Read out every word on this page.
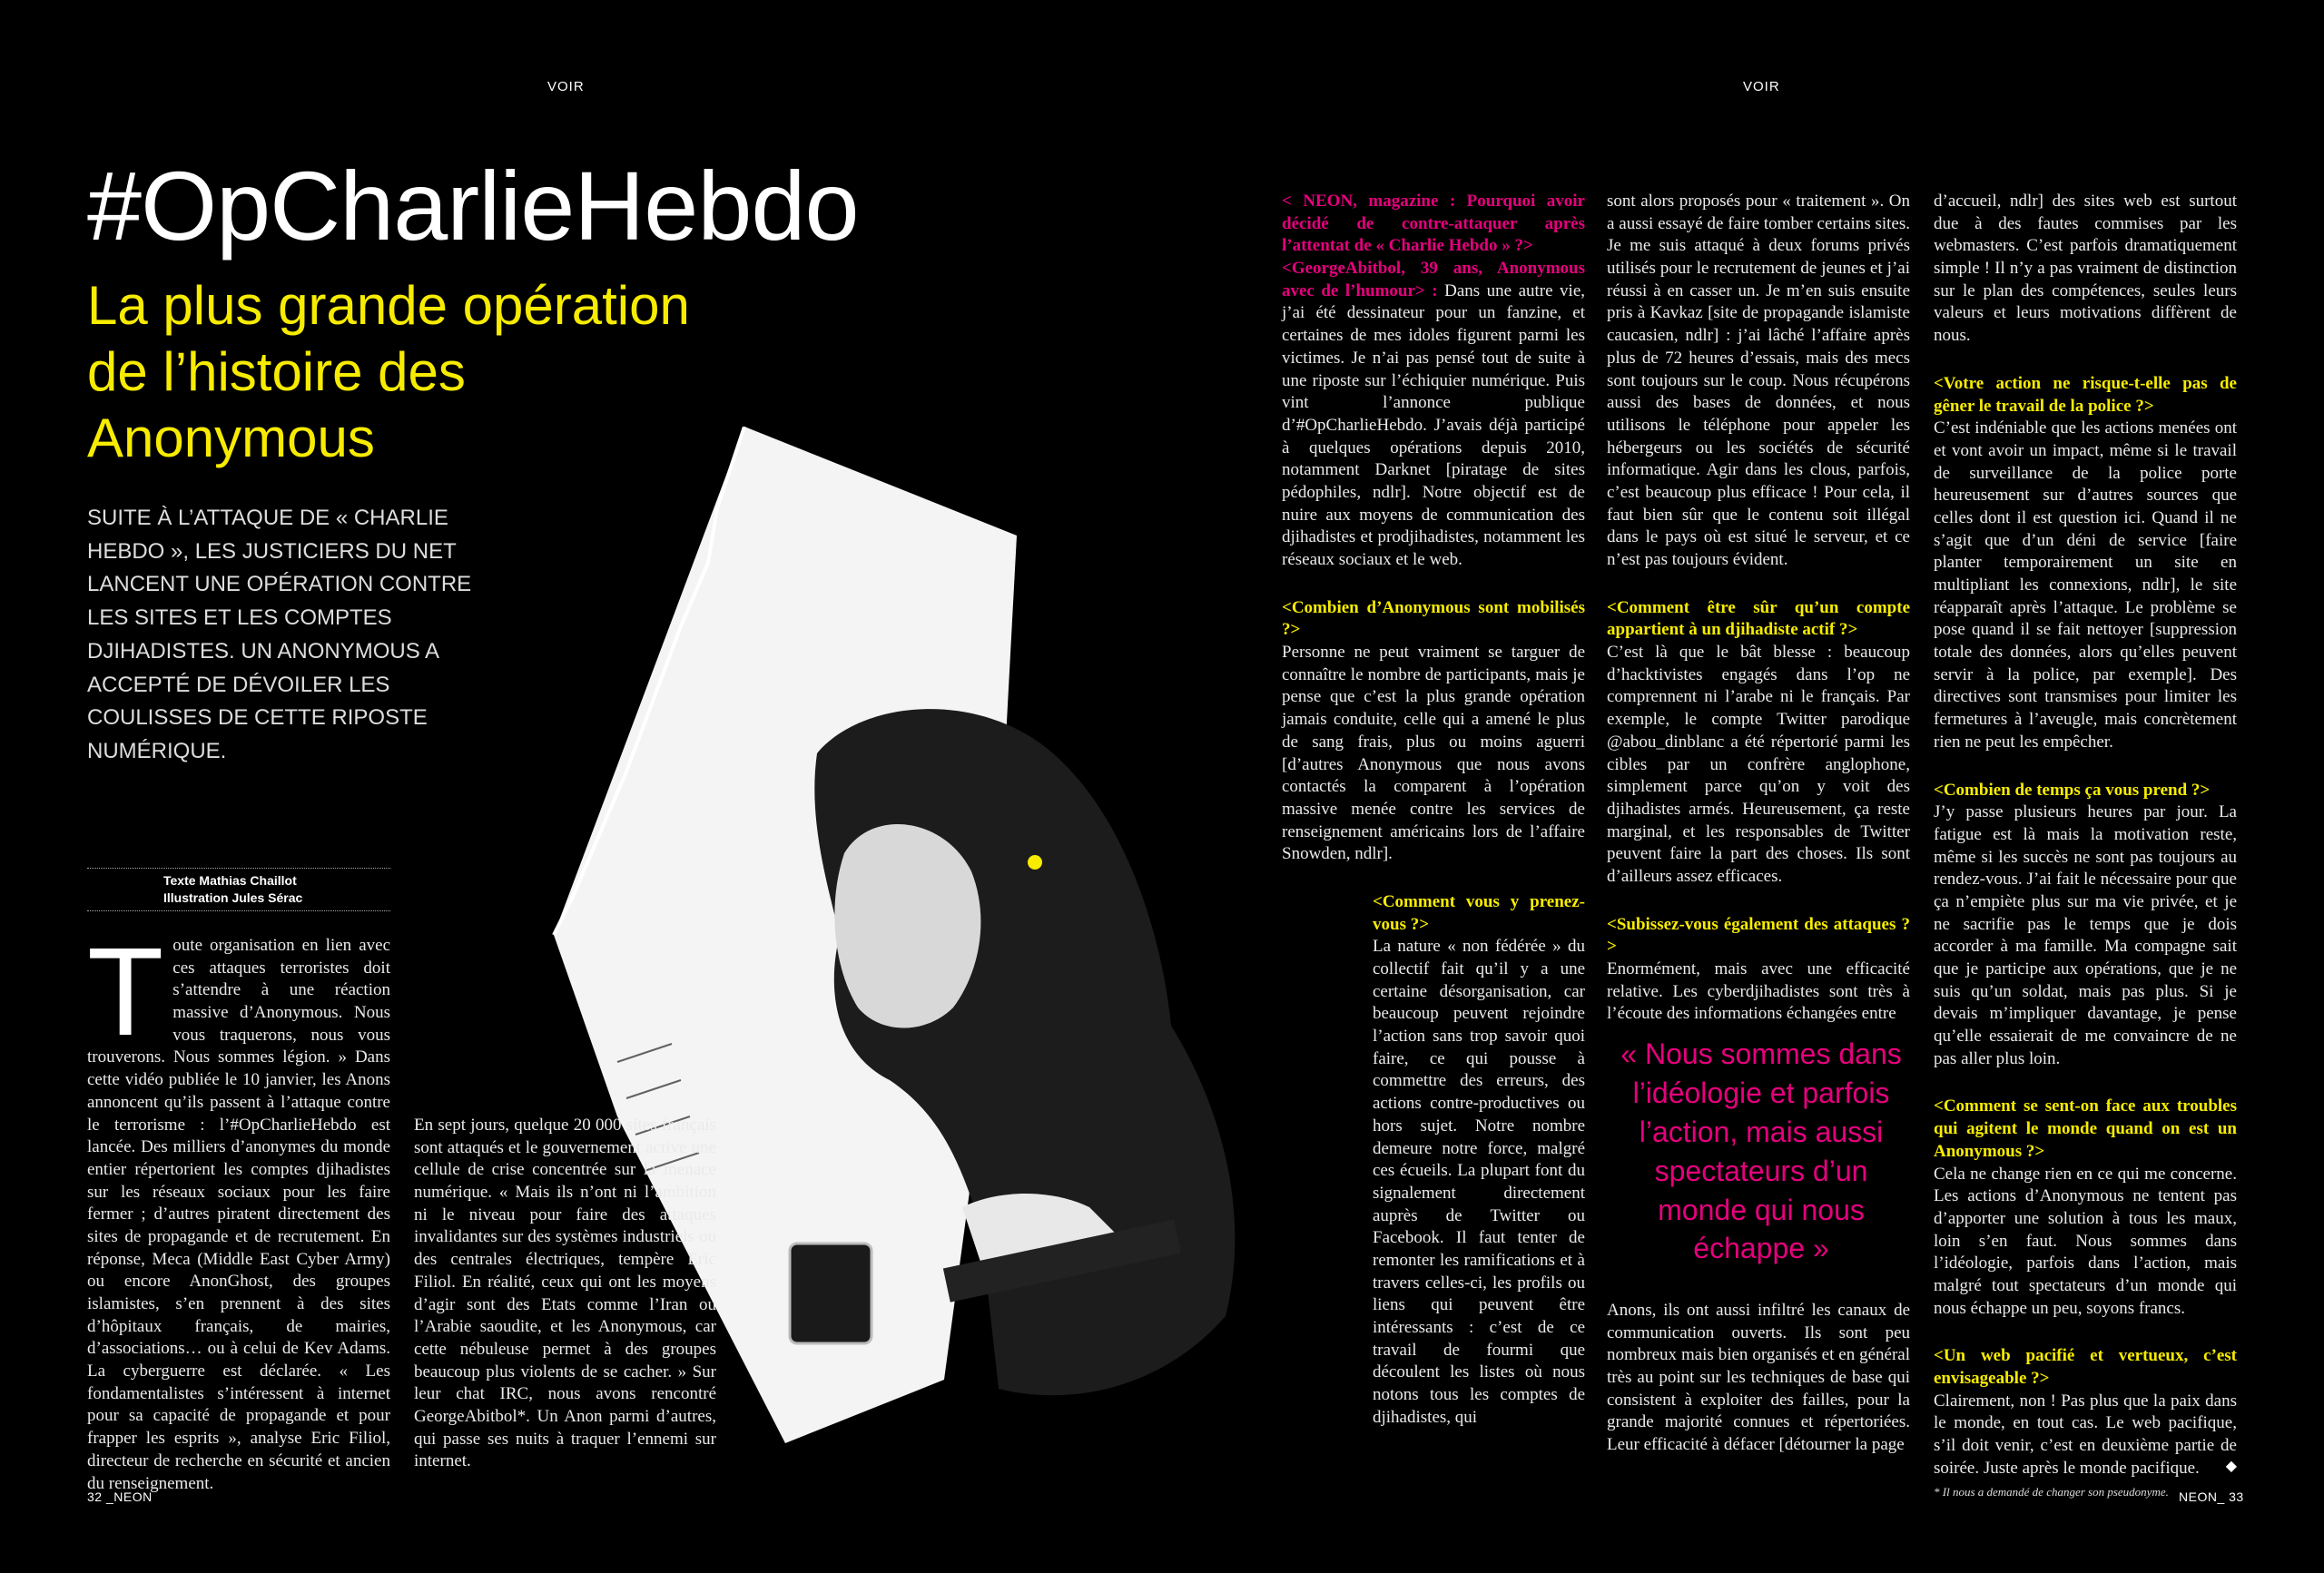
VOIR	VOIR
#OpCharlieHebdo
La plus grande opération de l’histoire des Anonymous
SUITE À L’ATTAQUE DE « CHARLIE HEBDO », LES JUSTICIERS DU NET LANCENT UNE OPÉRATION CONTRE LES SITES ET LES COMPTES DJIHADISTES. UN ANONYMOUS A ACCEPTÉ DE DÉVOILER LES COULISSES DE CETTE RIPOSTE NUMÉRIQUE.
Texte Mathias Chaillot
Illustration Jules Sérac
T oute organisation en lien avec ces attaques terroristes doit s’attendre à une réaction massive d’Anonymous. Nous vous traquerons, nous vous trouverons. Nous sommes légion. » Dans cette vidéo publiée le 10 janvier, les Anons annoncent qu’ils passent à l’attaque contre le terrorisme : l’#OpCharlieHebdo est lancée. Des milliers d’anonymes du monde entier répertorient les comptes djihadistes sur les réseaux sociaux pour les faire fermer ; d’autres piratent directement des sites de propagande et de recrutement. En réponse, Meca (Middle East Cyber Army) ou encore AnonGhost, des groupes islamistes, s’en prennent à des sites d’hôpitaux français, de mairies, d’associations… ou à celui de Kev Adams. La cyberguerre est déclarée. « Les fondamentalistes s’intéressent à internet pour sa capacité de propagande et pour frapper les esprits », analyse Eric Filiol, directeur de recherche en sécurité et ancien du renseignement.
En sept jours, quelque 20 000 sites français sont attaqués et le gouvernement active une cellule de crise concentrée sur la menace numérique. « Mais ils n’ont ni l’ambition ni le niveau pour faire des attaques invalidantes sur des systèmes industriels ou des centrales électriques, tempère Eric Filiol. En réalité, ceux qui ont les moyens d’agir sont des Etats comme l’Iran ou l’Arabie saoudite, et les Anonymous, car cette nébuleuse permet à des groupes beaucoup plus violents de se cacher. » Sur leur chat IRC, nous avons rencontré GeorgeAbitbol*. Un Anon parmi d’autres, qui passe ses nuits à traquer l’ennemi sur internet.

< NEON, magazine : Pourquoi avoir décidé de contre-attaquer après l’attentat de « Charlie Hebdo » ?>
<GeorgeAbitbol, 39 ans, Anonymous avec de l’humour> : Dans une autre vie, j’ai été dessinateur pour un fanzine, et certaines de mes idoles figurent parmi les victimes. Je n’ai pas pensé tout de suite à une riposte sur l’échiquier numérique. Puis vint l’annonce publique d’#OpCharlieHebdo. J’avais déjà participé à quelques opérations depuis 2010, notamment Darknet [piratage de sites pédophiles, ndlr]. Notre objectif est de nuire aux moyens de communication des djihadistes et prodjihadistes, notamment les réseaux sociaux et le web.

<Combien d’Anonymous sont mobilisés ?>
Personne ne peut vraiment se targuer de connaître le nombre de participants, mais je pense que c’est la plus grande opération jamais conduite, celle qui a amené le plus de sang frais, plus ou moins aguerri [d’autres Anonymous que nous avons contactés la comparent à l’opération massive menée contre les services de renseignement américains lors de l’affaire Snowden, ndlr].

<Comment vous y prenez-vous ?>
La nature « non fédérée » du collectif fait qu’il y a une certaine désorganisation, car beaucoup peuvent rejoindre l’action sans trop savoir quoi faire, ce qui pousse à commettre des erreurs, des actions contre-productives ou hors sujet. Notre nombre demeure notre force, malgré ces écueils. La plupart font du signalement directement auprès de Twitter ou Facebook. Il faut tenter de remonter les ramifications et à travers celles-ci, les profils ou liens qui peuvent être intéressants : c’est de ce travail de fourmi que découlent les listes où nous notons tous les comptes de djihadistes, qui

sont alors proposés pour « traitement ». On a aussi essayé de faire tomber certains sites. Je me suis attaqué à deux forums privés utilisés pour le recrutement de jeunes et j’ai réussi à en casser un. Je m’en suis ensuite pris à Kavkaz [site de propagande islamiste caucasien, ndlr] : j’ai lâché l’affaire après plus de 72 heures d’essais, mais des mecs sont toujours sur le coup. Nous récupérons aussi des bases de données, et nous utilisons le téléphone pour appeler les hébergeurs ou les sociétés de sécurité informatique. Agir dans les clous, parfois, c’est beaucoup plus efficace ! Pour cela, il faut bien sûr que le contenu soit illégal dans le pays où est situé le serveur, et ce n’est pas toujours évident.

<Comment être sûr qu’un compte appartient à un djihadiste actif ?>
C’est là que le bât blesse : beaucoup d’hacktivistes engagés dans l’op ne comprennent ni l’arabe ni le français. Par exemple, le compte Twitter parodique @abou_dinblanc a été répertorié parmi les cibles par un confrère anglophone, simplement parce qu’on y voit des djihadistes armés. Heureusement, ça reste marginal, et les responsables de Twitter peuvent faire la part des choses. Ils sont d’ailleurs assez efficaces.

<Subissez-vous également des attaques ?>
Enormément, mais avec une efficacité relative. Les cyberdjihadistes sont très à l’écoute des informations échangées entre

« Nous sommes dans l’idéologie et parfois l’action, mais aussi spectateurs d’un monde qui nous échappe »
Anons, ils ont aussi infiltré les canaux de communication ouverts. Ils sont peu nombreux mais bien organisés et en général très au point sur les techniques de base qui consistent à exploiter des failles, pour la grande majorité connues et répertoriées. Leur efficacité à défacer [détourner la page

d’accueil, ndlr] des sites web est surtout due à des fautes commises par les webmasters. C’est parfois dramatiquement simple ! Il n’y a pas vraiment de distinction sur le plan des compétences, seules leurs valeurs et leurs motivations diffèrent de nous.

<Votre action ne risque-t-elle pas de gêner le travail de la police ?>
C’est indéniable que les actions menées ont et vont avoir un impact, même si le travail de surveillance de la police porte heureusement sur d’autres sources que celles dont il est question ici. Quand il ne s’agit que d’un déni de service [faire planter temporairement un site en multipliant les connexions, ndlr], le site réapparaît après l’attaque. Le problème se pose quand il se fait nettoyer [suppression totale des données, alors qu’elles peuvent servir à la police, par exemple]. Des directives sont transmises pour limiter les fermetures à l’aveugle, mais concrètement rien ne peut les empêcher.

<Combien de temps ça vous prend ?>
J’y passe plusieurs heures par jour. La fatigue est là mais la motivation reste, même si les succès ne sont pas toujours au rendez-vous. J’ai fait le nécessaire pour que ça n’empiète plus sur ma vie privée, et je ne sacrifie pas le temps que je dois accorder à ma famille. Ma compagne sait que je participe aux opérations, que je ne suis qu’un soldat, mais pas plus. Si je devais m’impliquer davantage, je pense qu’elle essaierait de me convaincre de ne pas aller plus loin.

<Comment se sent-on face aux troubles qui agitent le monde quand on est un Anonymous ?>
Cela ne change rien en ce qui me concerne. Les actions d’Anonymous ne tentent pas d’apporter une solution à tous les maux, loin s’en faut. Nous sommes dans l’idéologie, parfois dans l’action, mais malgré tout spectateurs d’un monde qui nous échappe un peu, soyons francs.

<Un web pacifié et vertueux, c’est envisageable ?>
Clairement, non ! Pas plus que la paix dans le monde, en tout cas. Le web pacifique, s’il doit venir, c’est en deuxième partie de soirée. Juste après le monde pacifique. ◆

* Il nous a demandé de changer son pseudonyme.
32 _NEON	NEON_ 33
